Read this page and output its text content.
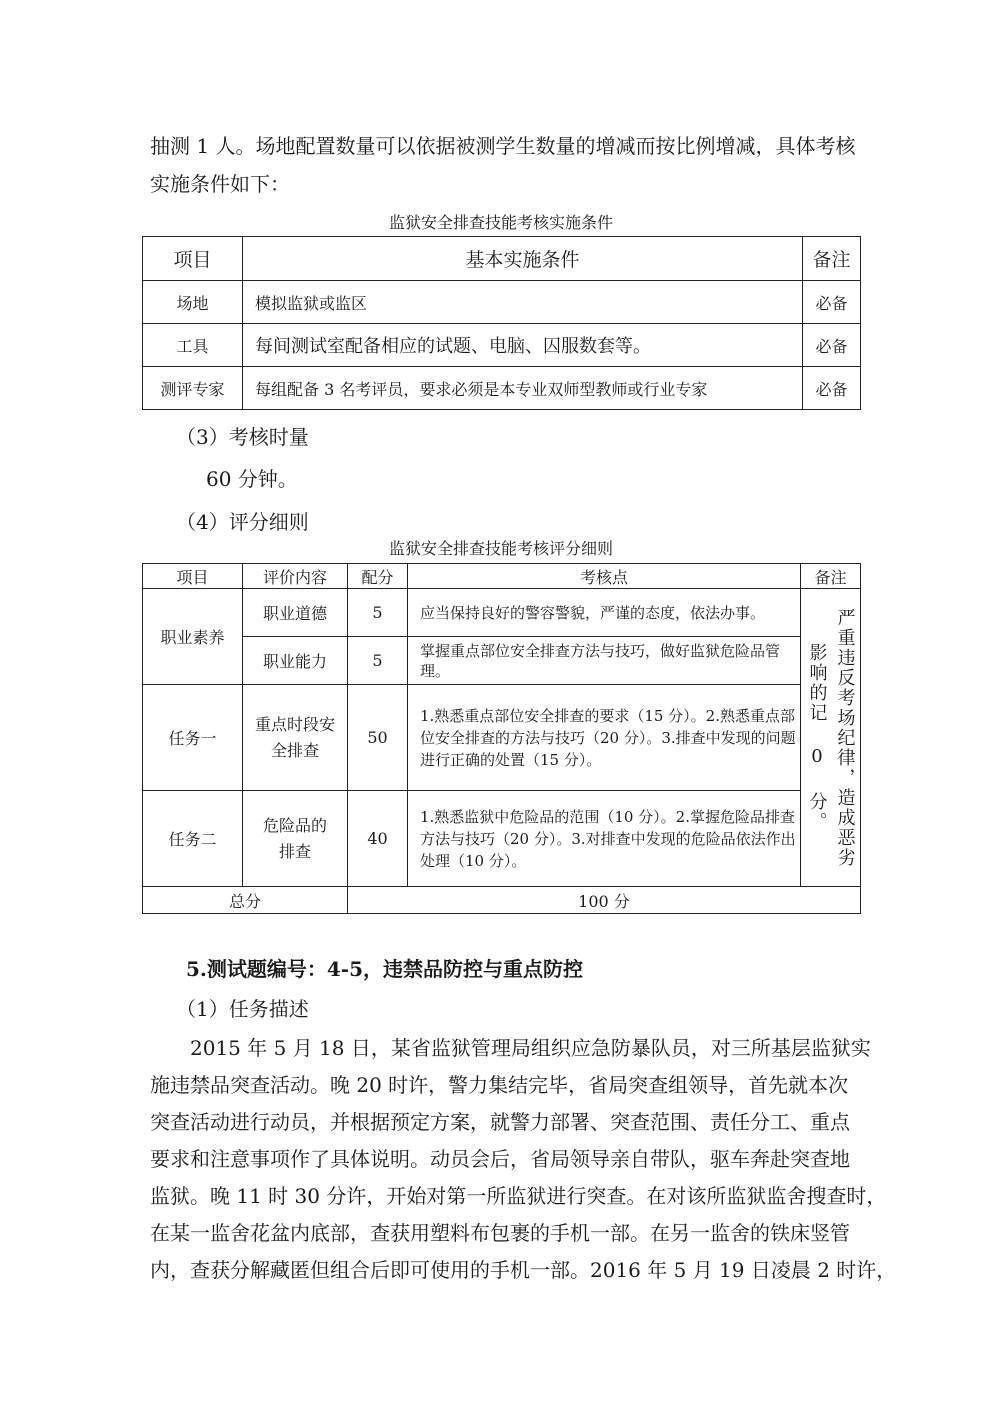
抽测 1 人。场地配置数量可以依据被测学生数量的增减而按比例增减，具体考核

实施条件如下：

监狱安全排查技能考核实施条件

项目	基本实施条件	备注
场地	模拟监狱或监区	必备
工具	每间测试室配备相应的试题、电脑、囚服数套等。	必备
测评专家	每组配备 3 名考评员，要求必须是本专业双师型教师或行业专家	必备

（3）考核时量

60 分钟。

（4）评分细则

监狱安全排查技能考核评分细则

项目	评价内容	配分	考核点	备注
职业素养	职业道德	5	应当保持良好的警容警貌，严谨的态度，依法办事。	严重违反考场纪律，造成恶劣影响的记 0 分。

	职业能力	5	掌握重点部位安全排查方法与技巧，做好监狱危险品管理。	
任务一	重点时段安全排查	50	1.熟悉重点部位安全排查的要求（15 分）。2.熟悉重点部位安全排查的方法与技巧（20 分）。3.排查中发现的问题进行正确的处置（15 分）。	
任务二	危险品的排查	40	1.熟悉监狱中危险品的范围（10 分）。2.掌握危险品排查方法与技巧（20 分）。3.对排查中发现的危险品依法作出处理（10 分）。	
总分		100 分		

5.测试题编号：4-5，违禁品防控与重点防控

（1）任务描述

2015 年 5 月 18 日，某省监狱管理局组织应急防暴队员，对三所基层监狱实

施违禁品突查活动。晚 20 时许，警力集结完毕，省局突查组领导，首先就本次

突查活动进行动员，并根据预定方案，就警力部署、突查范围、责任分工、重点

要求和注意事项作了具体说明。动员会后，省局领导亲自带队，驱车奔赴突查地

监狱。晚 11 时 30 分许，开始对第一所监狱进行突查。在对该所监狱监舍搜查时，

在某一监舍花盆内底部，查获用塑料布包裹的手机一部。在另一监舍的铁床竖管

内，查获分解藏匿但组合后即可使用的手机一部。2016 年 5 月 19 日凌晨 2 时许，
